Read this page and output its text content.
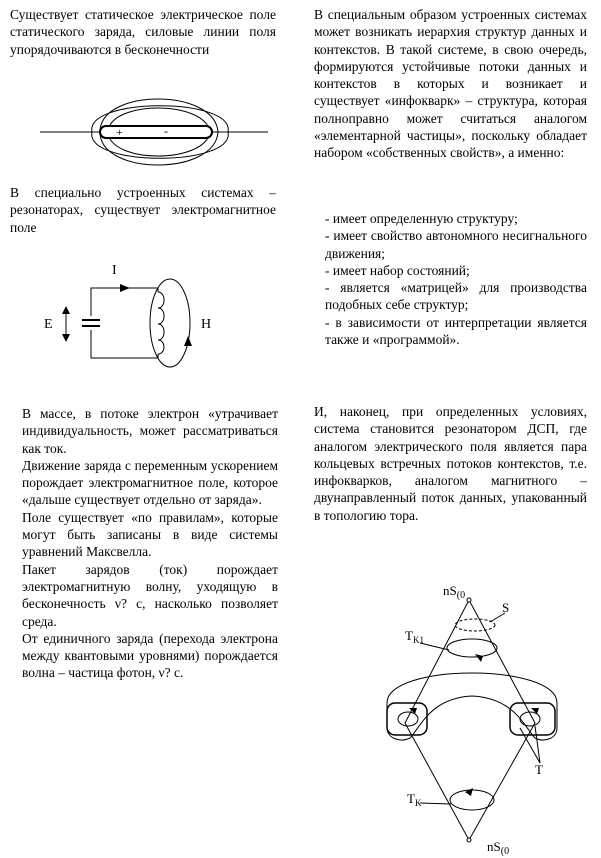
Существует статическое электрическое поле статического заряда, силовые линии поля упорядочиваются в бесконечности

+	-

В специально устроенных системах – резонаторах, существует электромагнитное поле

I
E	H

В специальным образом устроенных системах может возникать иерархия структур данных и контекстов. В такой системе, в свою очередь, формируются устойчивые потоки данных и контекстов в которых и возникает и существует «инфокварк» – структура, которая полноправно может считаться аналогом «элементарной частицы», поскольку обладает набором «собственных свойств», а именно:

- имеет определенную структуру;

- имеет свойство автономного несигнального движения;

- имеет набор состояний;

- является «матрицей» для производства подобных себе структур;

- в зависимости от интерпретации является также и «программой».

В массе, в потоке электрон «утрачивает индивидуальность, может рассматриваться как ток.

Движение заряда с переменным ускорением порождает электромагнитное поле, которое «дальше существует отдельно от заряда».

Поле существует «по правилам», которые могут быть записаны в виде системы уравнений Максвелла.

Пакет зарядов (ток) порождает электромагнитную волну, уходящую в бесконечность ν? c, насколько позволяет среда.

От единичного заряда (перехода электрона между квантовыми уровнями) порождается волна – частица фотон, ν? c.

И, наконец, при определенных условиях, система становится резонатором ДСП, где аналогом электрического поля является пара кольцевых встречных потоков контекстов, т.е. инфокварков, аналогом магнитного – двунаправленный поток данных, упакованный в топологию тора.

$nS_{(0}$
S
$T_{K1}$
T
$T_K$
$nS_{(0}$
